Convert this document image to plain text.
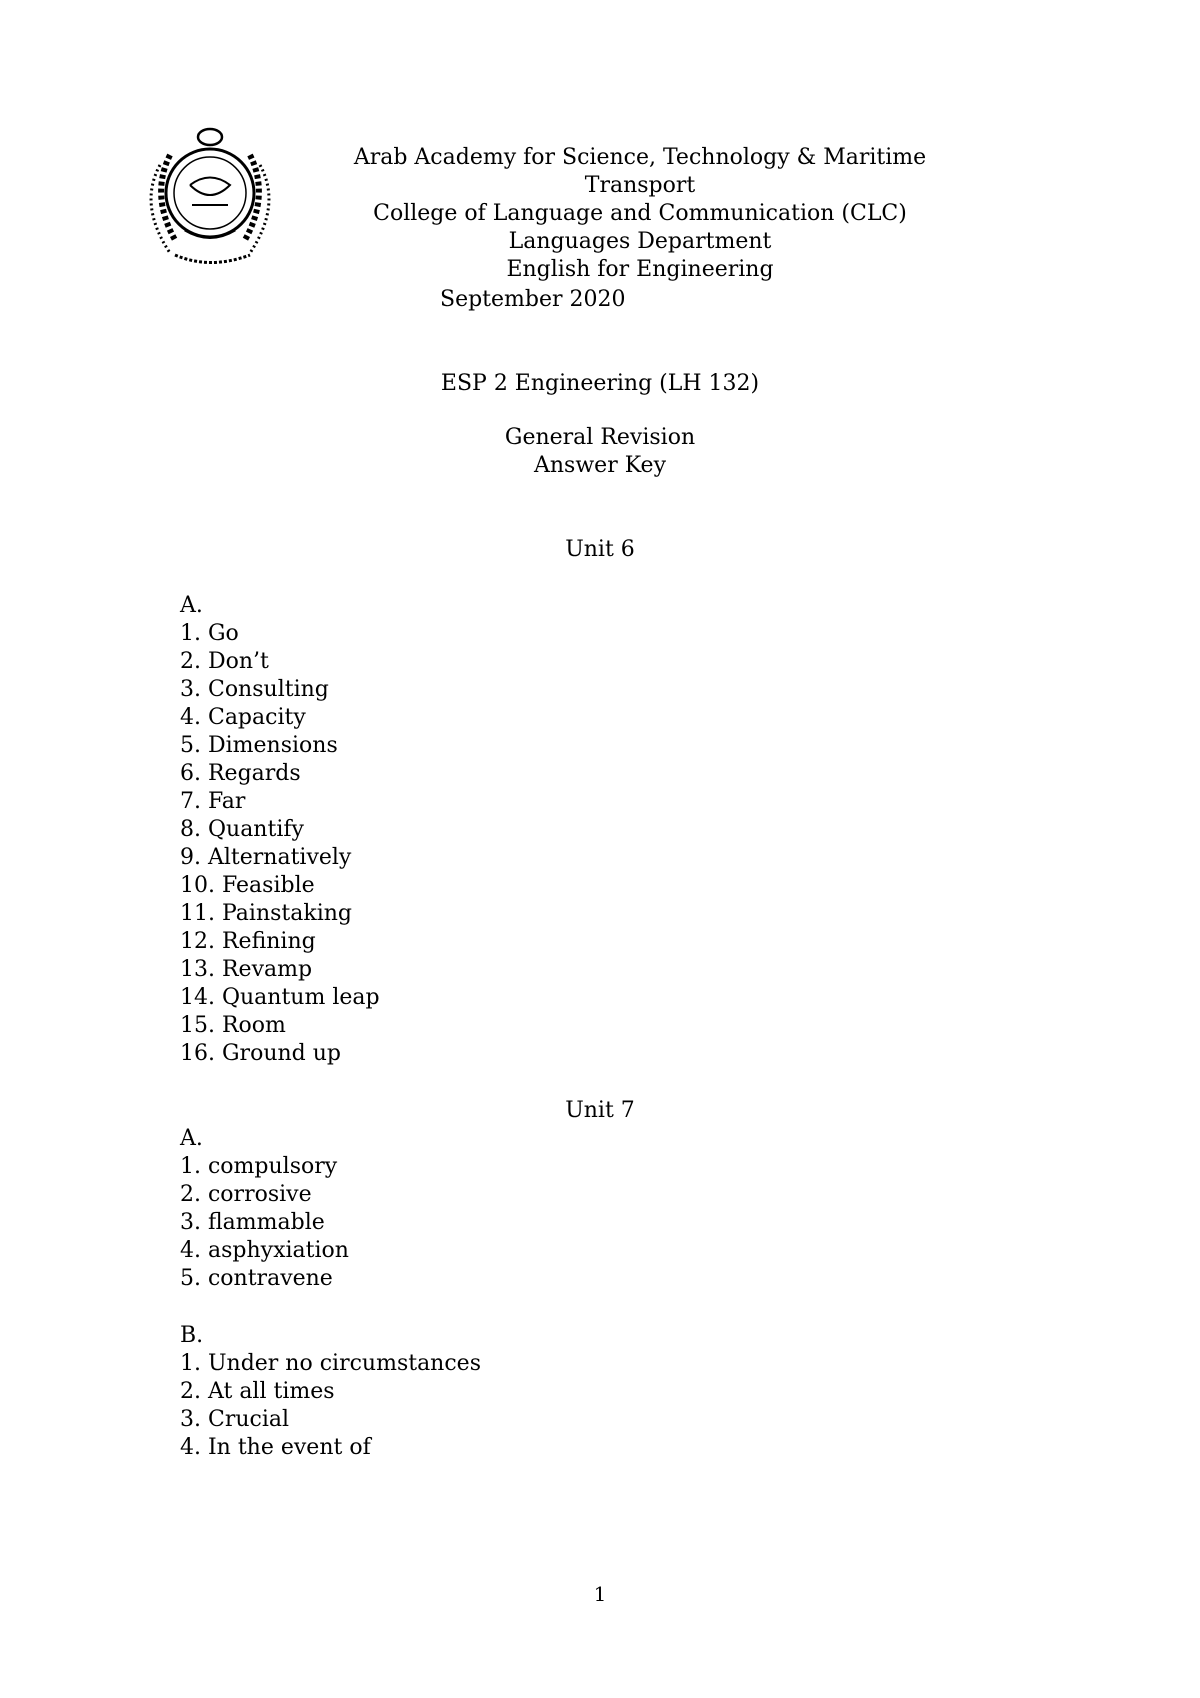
Arab Academy for Science, Technology & Maritime Transport
College of Language and Communication (CLC)
Languages Department
English for Engineering
September 2020
ESP 2 Engineering (LH 132)
General Revision
Answer Key
Unit 6
A.
1. Go
2. Don’t
3. Consulting
4. Capacity
5. Dimensions
6. Regards
7. Far
8. Quantify
9. Alternatively
10. Feasible
11. Painstaking
12. Refining
13. Revamp
14. Quantum leap
15. Room
16. Ground up
Unit 7
A.
1. compulsory
2. corrosive
3. flammable
4. asphyxiation
5. contravene
B.
1. Under no circumstances
2. At all times
3. Crucial
4. In the event of
1
